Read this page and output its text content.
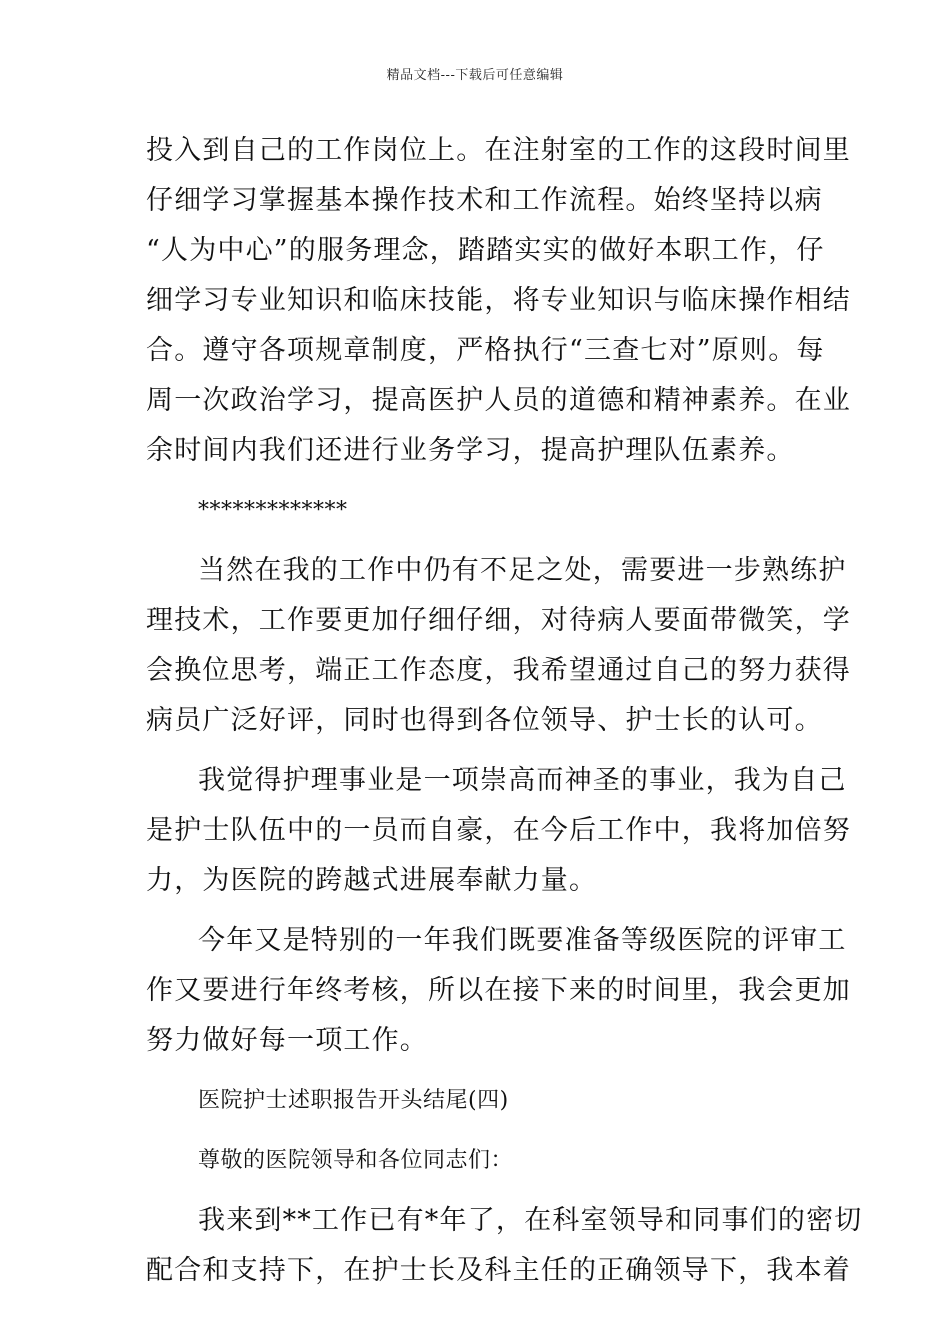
精品文档---下载后可任意编辑
投入到自己的工作岗位上。在注射室的工作的这段时间里
仔细学习掌握基本操作技术和工作流程。始终坚持以病
“人为中心”的服务理念，踏踏实实的做好本职工作，仔
细学习专业知识和临床技能，将专业知识与临床操作相结
合。遵守各项规章制度，严格执行“三查七对”原则。每
周一次政治学习，提高医护人员的道德和精神素养。在业
余时间内我们还进行业务学习，提高护理队伍素养。
*************
当然在我的工作中仍有不足之处，需要进一步熟练护
理技术，工作要更加仔细仔细，对待病人要面带微笑，学
会换位思考，端正工作态度，我希望通过自己的努力获得
病员广泛好评，同时也得到各位领导、护士长的认可。
我觉得护理事业是一项崇高而神圣的事业，我为自己
是护士队伍中的一员而自豪，在今后工作中，我将加倍努
力，为医院的跨越式进展奉献力量。
今年又是特别的一年我们既要准备等级医院的评审工
作又要进行年终考核，所以在接下来的时间里，我会更加
努力做好每一项工作。
医院护士述职报告开头结尾(四)
尊敬的医院领导和各位同志们：
我来到**工作已有*年了，在科室领导和同事们的密切
配合和支持下，在护士长及科主任的正确领导下，我本着
